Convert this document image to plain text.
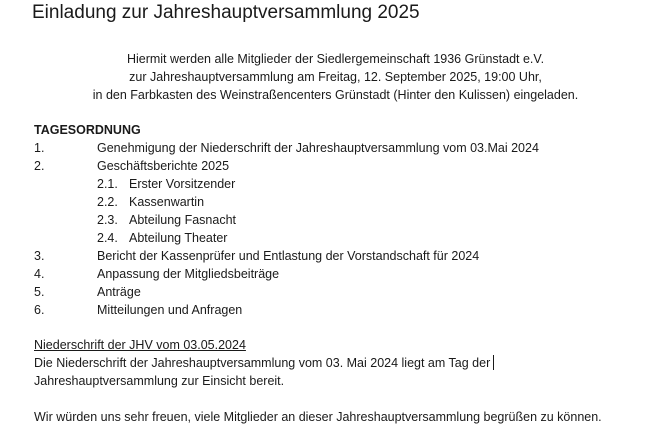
Einladung zur Jahreshauptversammlung 2025
Hiermit werden alle Mitglieder der Siedlergemeinschaft 1936 Grünstadt e.V.
zur Jahreshauptversammlung am Freitag, 12. September 2025, 19:00 Uhr,
in den Farbkasten des Weinstraßencenters Grünstadt (Hinter den Kulissen) eingeladen.
TAGESORDNUNG
1.	Genehmigung der Niederschrift der Jahreshauptversammlung vom 03.Mai 2024
2.	Geschäftsberichte 2025
2.1. Erster Vorsitzender
2.2. Kassenwartin
2.3. Abteilung Fasnacht
2.4. Abteilung Theater
3.	Bericht der Kassenprüfer und Entlastung der Vorstandschaft für 2024
4.	Anpassung der Mitgliedsbeiträge
5.	Anträge
6.	Mitteilungen und Anfragen
Niederschrift der JHV vom 03.05.2024
Die Niederschrift der Jahreshauptversammlung vom 03. Mai 2024 liegt am Tag der
Jahreshauptversammlung zur Einsicht bereit.
Wir würden uns sehr freuen, viele Mitglieder an dieser Jahreshauptversammlung begrüßen zu können.
